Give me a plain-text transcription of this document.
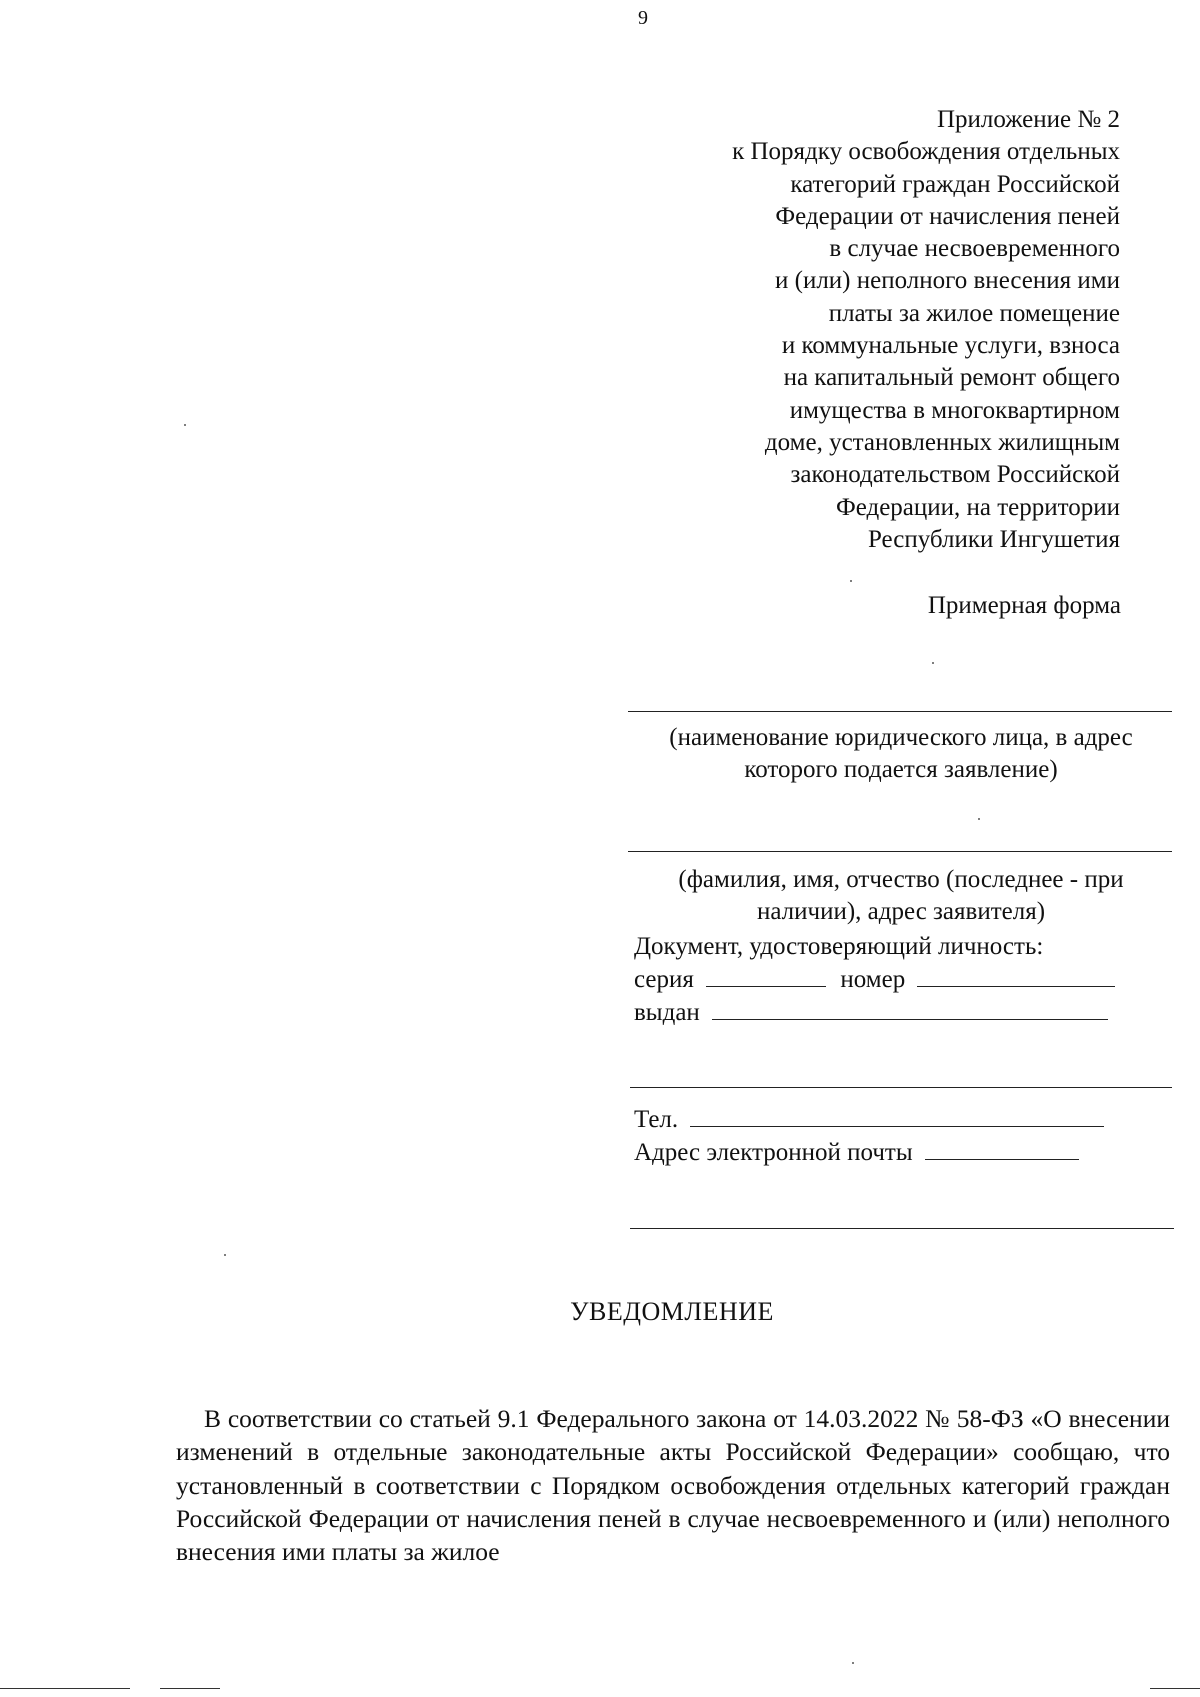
9
Приложение № 2
к Порядку освобождения отдельных
категорий граждан Российской
Федерации от начисления пеней
в случае несвоевременного
и (или) неполного внесения ими
платы за жилое помещение
и коммунальные услуги, взноса
на капитальный ремонт общего
имущества в многоквартирном
доме, установленных жилищным
законодательством Российской
Федерации, на территории
Республики Ингушетия
Примерная форма
(наименование юридического лица, в адрес
которого подается заявление)
(фамилия, имя, отчество (последнее - при
наличии), адрес заявителя)
Документ, удостоверяющий личность:
серия	номер
выдан
Тел.
Адрес электронной почты
УВЕДОМЛЕНИЕ

В соответствии со статьей 9.1 Федерального закона от 14.03.2022 № 58-ФЗ «О внесении изменений в отдельные законодательные акты Российской Федерации» сообщаю, что установленный в соответствии с Порядком освобождения отдельных категорий граждан Российской Федерации от начисления пеней в случае несвоевременного и (или) неполного внесения ими платы за жилое
